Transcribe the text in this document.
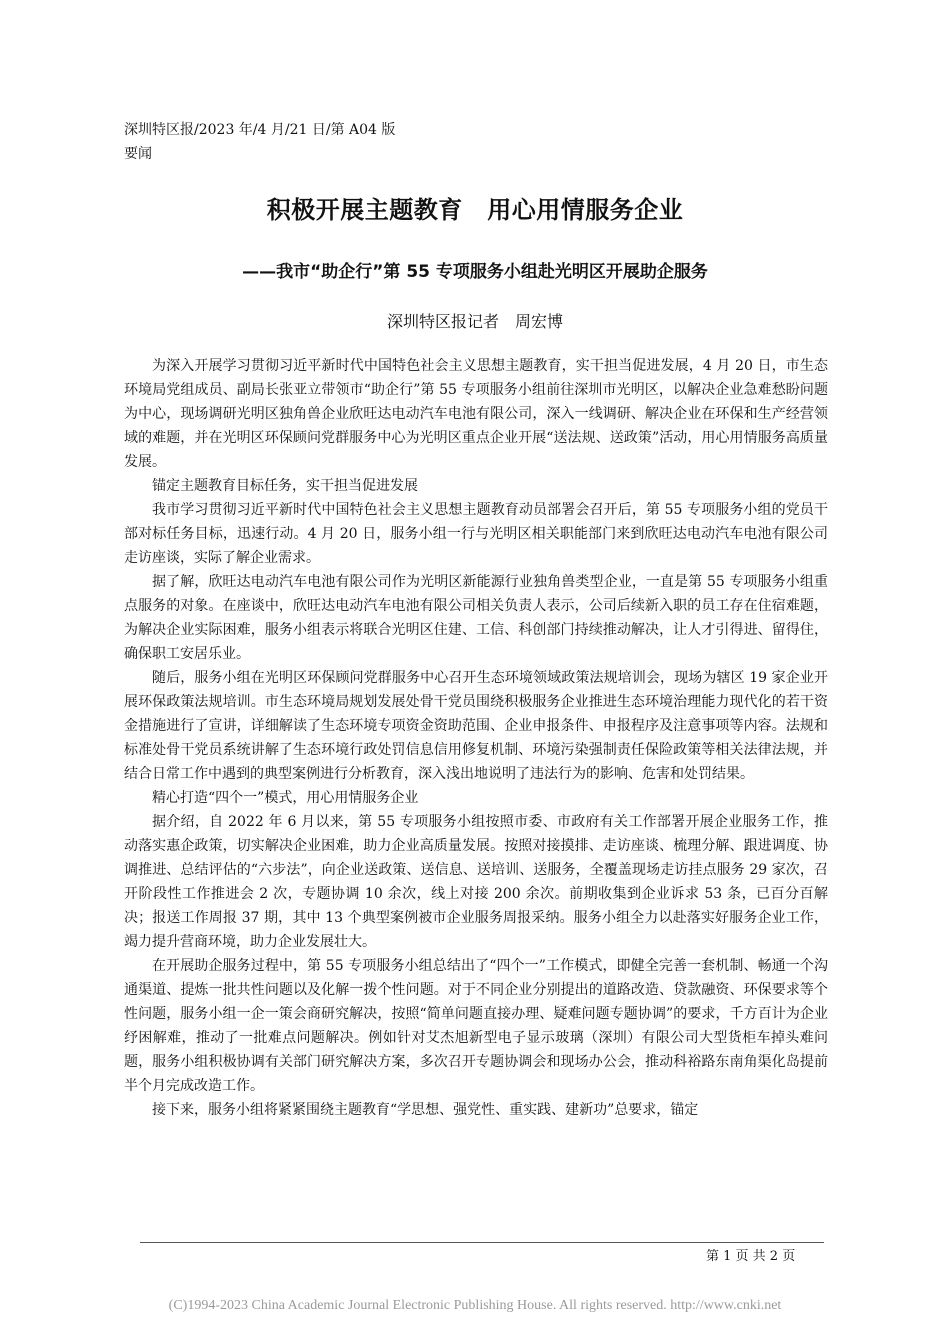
深圳特区报/2023 年/4 月/21 日/第 A04 版
要闻
积极开展主题教育　用心用情服务企业
——我市“助企行”第 55 专项服务小组赴光明区开展助企服务
深圳特区报记者　周宏博

为深入开展学习贯彻习近平新时代中国特色社会主义思想主题教育，实干担当促进发展，4 月 20 日，市生态环境局党组成员、副局长张亚立带领市“助企行”第 55 专项服务小组前往深圳市光明区，以解决企业急难愁盼问题为中心，现场调研光明区独角兽企业欣旺达电动汽车电池有限公司，深入一线调研、解决企业在环保和生产经营领域的难题，并在光明区环保顾问党群服务中心为光明区重点企业开展“送法规、送政策”活动，用心用情服务高质量发展。

锚定主题教育目标任务，实干担当促进发展

我市学习贯彻习近平新时代中国特色社会主义思想主题教育动员部署会召开后，第 55 专项服务小组的党员干部对标任务目标，迅速行动。4 月 20 日，服务小组一行与光明区相关职能部门来到欣旺达电动汽车电池有限公司走访座谈，实际了解企业需求。

据了解，欣旺达电动汽车电池有限公司作为光明区新能源行业独角兽类型企业，一直是第 55 专项服务小组重点服务的对象。在座谈中，欣旺达电动汽车电池有限公司相关负责人表示，公司后续新入职的员工存在住宿难题，为解决企业实际困难，服务小组表示将联合光明区住建、工信、科创部门持续推动解决，让人才引得进、留得住，确保职工安居乐业。

随后，服务小组在光明区环保顾问党群服务中心召开生态环境领域政策法规培训会，现场为辖区 19 家企业开展环保政策法规培训。市生态环境局规划发展处骨干党员围绕积极服务企业推进生态环境治理能力现代化的若干资金措施进行了宣讲，详细解读了生态环境专项资金资助范围、企业申报条件、申报程序及注意事项等内容。法规和标准处骨干党员系统讲解了生态环境行政处罚信息信用修复机制、环境污染强制责任保险政策等相关法律法规，并结合日常工作中遇到的典型案例进行分析教育，深入浅出地说明了违法行为的影响、危害和处罚结果。

精心打造“四个一”模式，用心用情服务企业

据介绍，自 2022 年 6 月以来，第 55 专项服务小组按照市委、市政府有关工作部署开展企业服务工作，推动落实惠企政策，切实解决企业困难，助力企业高质量发展。按照对接摸排、走访座谈、梳理分解、跟进调度、协调推进、总结评估的“六步法”，向企业送政策、送信息、送培训、送服务，全覆盖现场走访挂点服务 29 家次，召开阶段性工作推进会 2 次，专题协调 10 余次，线上对接 200 余次。前期收集到企业诉求 53 条，已百分百解决；报送工作周报 37 期，其中 13 个典型案例被市企业服务周报采纳。服务小组全力以赴落实好服务企业工作，竭力提升营商环境，助力企业发展壮大。

在开展助企服务过程中，第 55 专项服务小组总结出了“四个一”工作模式，即健全完善一套机制、畅通一个沟通渠道、提炼一批共性问题以及化解一拨个性问题。对于不同企业分别提出的道路改造、贷款融资、环保要求等个性问题，服务小组一企一策会商研究解决，按照“简单问题直接办理、疑难问题专题协调”的要求，千方百计为企业纾困解难，推动了一批难点问题解决。例如针对艾杰旭新型电子显示玻璃（深圳）有限公司大型货柜车掉头难问题，服务小组积极协调有关部门研究解决方案，多次召开专题协调会和现场办公会，推动科裕路东南角渠化岛提前半个月完成改造工作。

接下来，服务小组将紧紧围绕主题教育“学思想、强党性、重实践、建新功”总要求，锚定

第 1 页 共 2 页
(C)1994-2023 China Academic Journal Electronic Publishing House. All rights reserved. http://www.cnki.net
